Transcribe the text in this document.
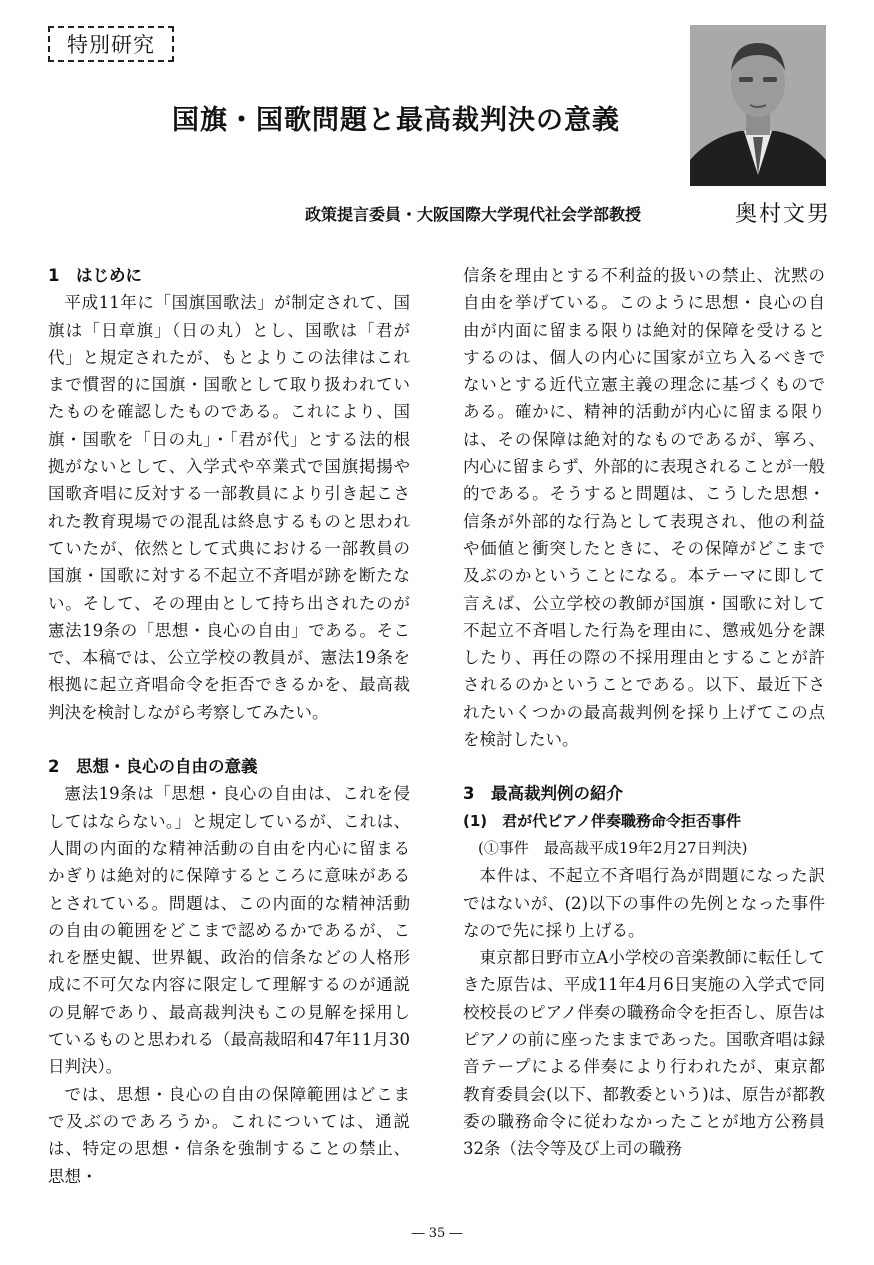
特別研究
国旗・国歌問題と最高裁判決の意義
政策提言委員・大阪国際大学現代社会学部教授	奥村文男
1　はじめに

平成11年に「国旗国歌法」が制定されて、国旗は「日章旗」（日の丸）とし、国歌は「君が代」と規定されたが、もとよりこの法律はこれまで慣習的に国旗・国歌として取り扱われていたものを確認したものである。これにより、国旗・国歌を「日の丸」・「君が代」とする法的根拠がないとして、入学式や卒業式で国旗掲揚や国歌斉唱に反対する一部教員により引き起こされた教育現場での混乱は終息するものと思われていたが、依然として式典における一部教員の国旗・国歌に対する不起立不斉唱が跡を断たない。そして、その理由として持ち出されたのが憲法19条の「思想・良心の自由」である。そこで、本稿では、公立学校の教員が、憲法19条を根拠に起立斉唱命令を拒否できるかを、最高裁判決を検討しながら考察してみたい。

2　思想・良心の自由の意義

憲法19条は「思想・良心の自由は、これを侵してはならない。」と規定しているが、これは、人間の内面的な精神活動の自由を内心に留まるかぎりは絶対的に保障するところに意味があるとされている。問題は、この内面的な精神活動の自由の範囲をどこまで認めるかであるが、これを歴史観、世界観、政治的信条などの人格形成に不可欠な内容に限定して理解するのが通説の見解であり、最高裁判決もこの見解を採用しているものと思われる（最高裁昭和47年11月30日判決）。

では、思想・良心の自由の保障範囲はどこまで及ぶのであろうか。これについては、通説は、特定の思想・信条を強制することの禁止、思想・

信条を理由とする不利益的扱いの禁止、沈黙の自由を挙げている。このように思想・良心の自由が内面に留まる限りは絶対的保障を受けるとするのは、個人の内心に国家が立ち入るべきでないとする近代立憲主義の理念に基づくものである。確かに、精神的活動が内心に留まる限りは、その保障は絶対的なものであるが、寧ろ、内心に留まらず、外部的に表現されることが一般的である。そうすると問題は、こうした思想・信条が外部的な行為として表現され、他の利益や価値と衝突したときに、その保障がどこまで及ぶのかということになる。本テーマに即して言えば、公立学校の教師が国旗・国歌に対して不起立不斉唱した行為を理由に、懲戒処分を課したり、再任の際の不採用理由とすることが許されるのかということである。以下、最近下されたいくつかの最高裁判例を採り上げてこの点を検討したい。

3　最高裁判例の紹介
(1)　君が代ピアノ伴奏職務命令拒否事件
(①事件　最高裁平成19年2月27日判決)

本件は、不起立不斉唱行為が問題になった訳ではないが、(2)以下の事件の先例となった事件なので先に採り上げる。

東京都日野市立A小学校の音楽教師に転任してきた原告は、平成11年4月6日実施の入学式で同校校長のピアノ伴奏の職務命令を拒否し、原告はピアノの前に座ったままであった。国歌斉唱は録音テープによる伴奏により行われたが、東京都教育委員会(以下、都教委という)は、原告が都教委の職務命令に従わなかったことが地方公務員32条（法令等及び上司の職務

― 35 ―
